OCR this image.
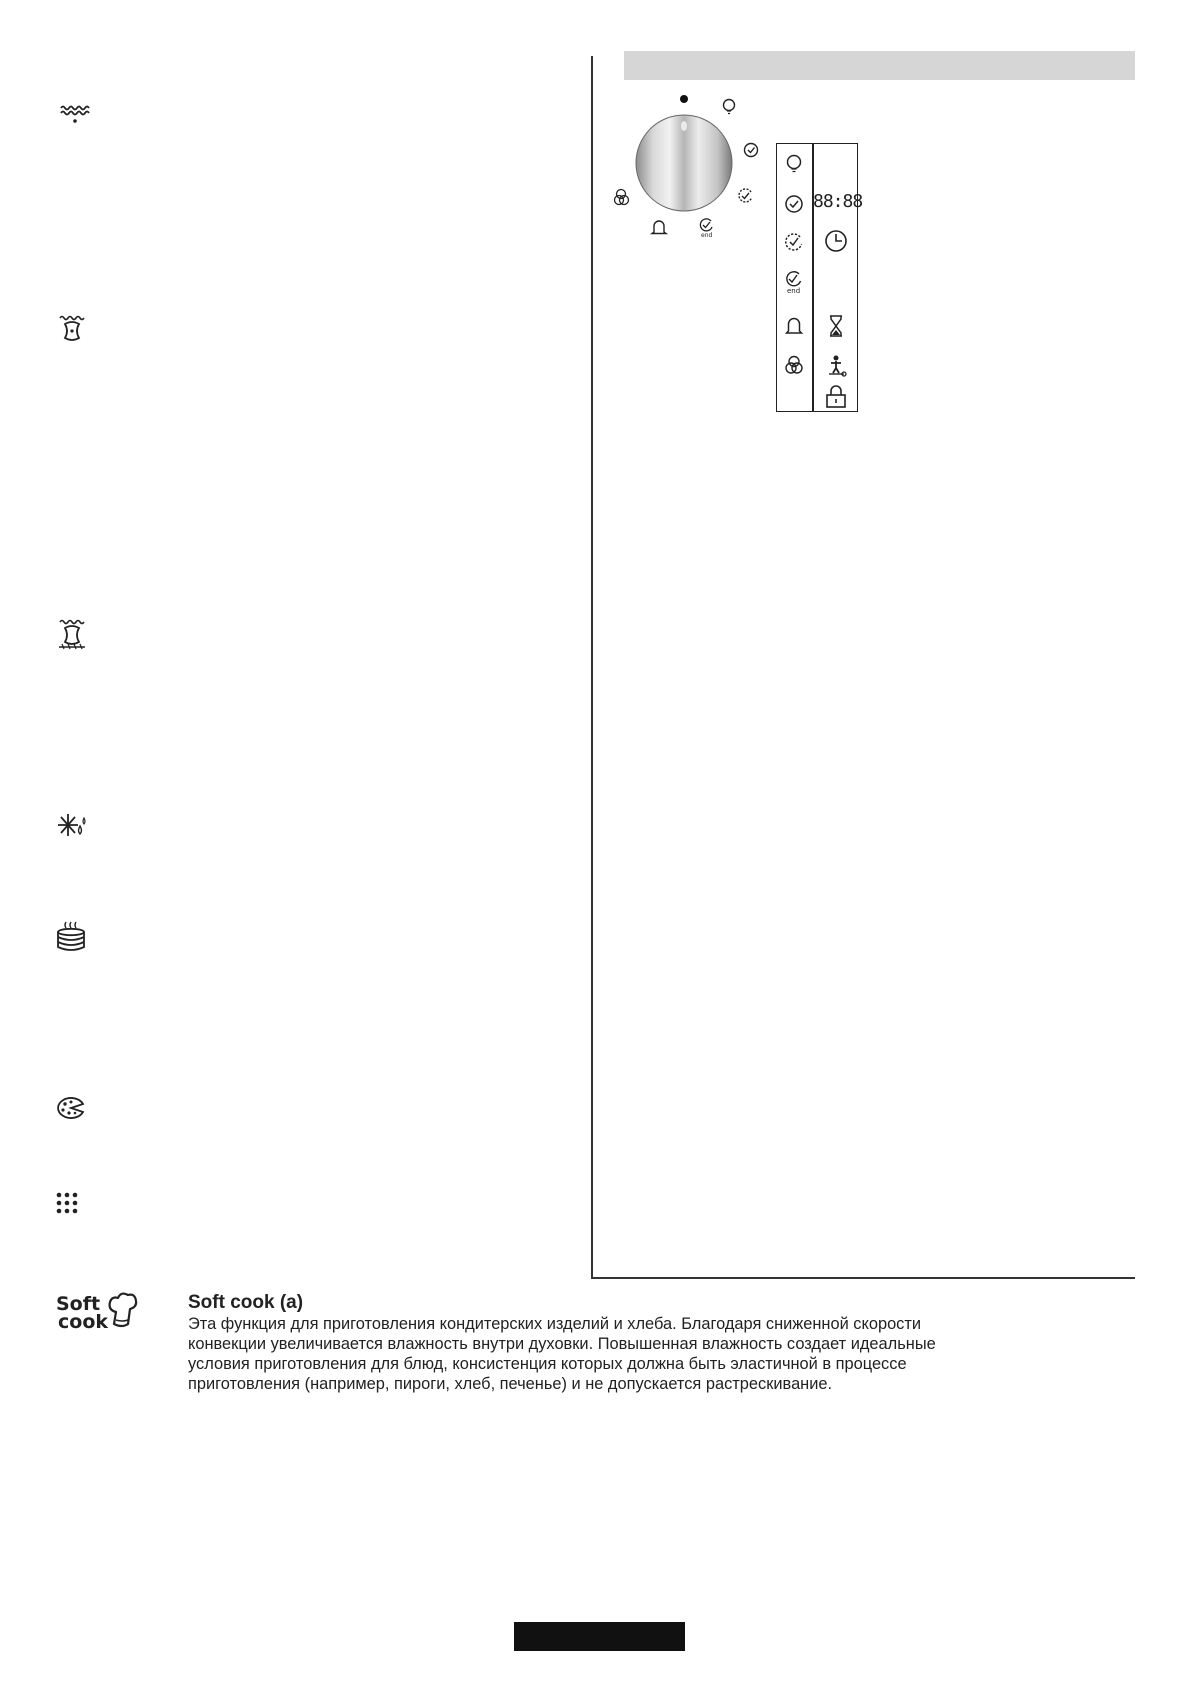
end
end
88:88
Soft
cook
Soft cook (a)
Эта функция для приготовления кондитерских изделий и хлеба. Благодаря сниженной скорости
конвекции увеличивается влажность внутри духовки. Повышенная влажность создает идеальные
условия приготовления для блюд, консистенция которых должна быть эластичной в процессе
приготовления (например, пироги, хлеб, печенье) и не допускается растрескивание.
